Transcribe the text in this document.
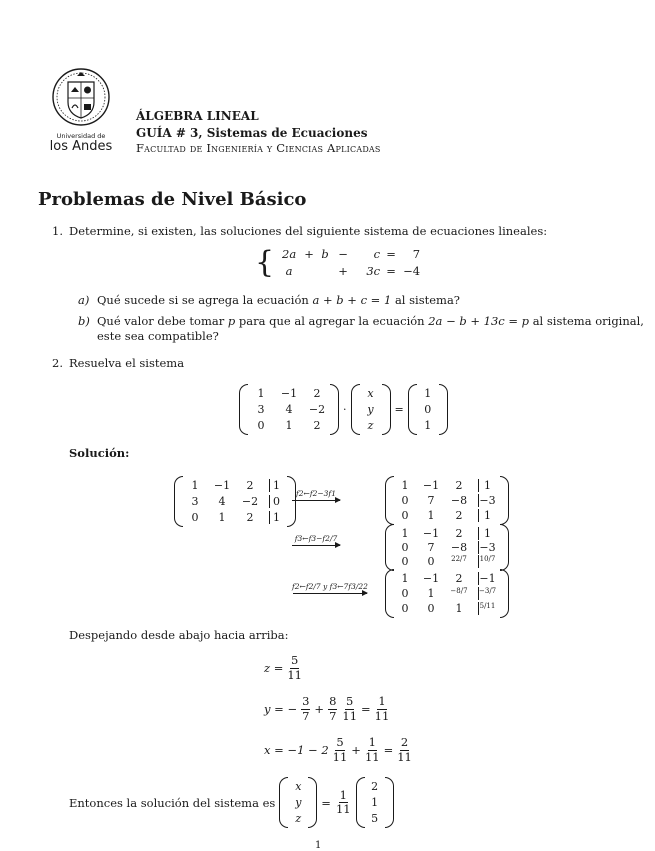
Universidad de
los Andes
ÁLGEBRA LINEAL
GUÍA # 3, Sistemas de Ecuaciones
Facultad de Ingeniería y Ciencias Aplicadas
Problemas de Nivel Básico
1. Determine, si existen, las soluciones del siguiente sistema de ecuaciones lineales:
{ 2a + b −	c =	7
a	+	3c = −4
a) Qué sucede si se agrega la ecuación a + b + c = 1 al sistema?
b) Qué valor debe tomar p para que al agregar la ecuación 2a − b + 13c = p al sistema original,
este sea compatible?
2. Resuelva el sistema
1	−1	2
3	4	−2
0	1	2
·
x
y
z
=
1
0
1
Solución:
1	−1	2	1
3	4	−2	0
0	1	2	1
f2←f2−3f1
f3←f3−f2/7
f2←f2/7 y f3←7f3/22
1	−1	2	1
0	7	−8 −3
0	1	2	1
1	−1	2	1
0	7	−8 −3
0	0	22/7 10/7
1	−1	2	−1
0	1	−8/7 −3/7
0	0	1	5/11
Despejando desde abajo hacia arriba:
$z = \frac{5}{11}$
y = − $\frac{3}{7} + \frac{8}{7} \frac{5}{11} = \frac{1}{11}$
$x = -1 - 2 \frac{5}{11} + \frac{1}{11} = \frac{2}{11}$
Entonces la solución del sistema es
x
y
z
= $\frac{1}{11}$
2
1
5
1
